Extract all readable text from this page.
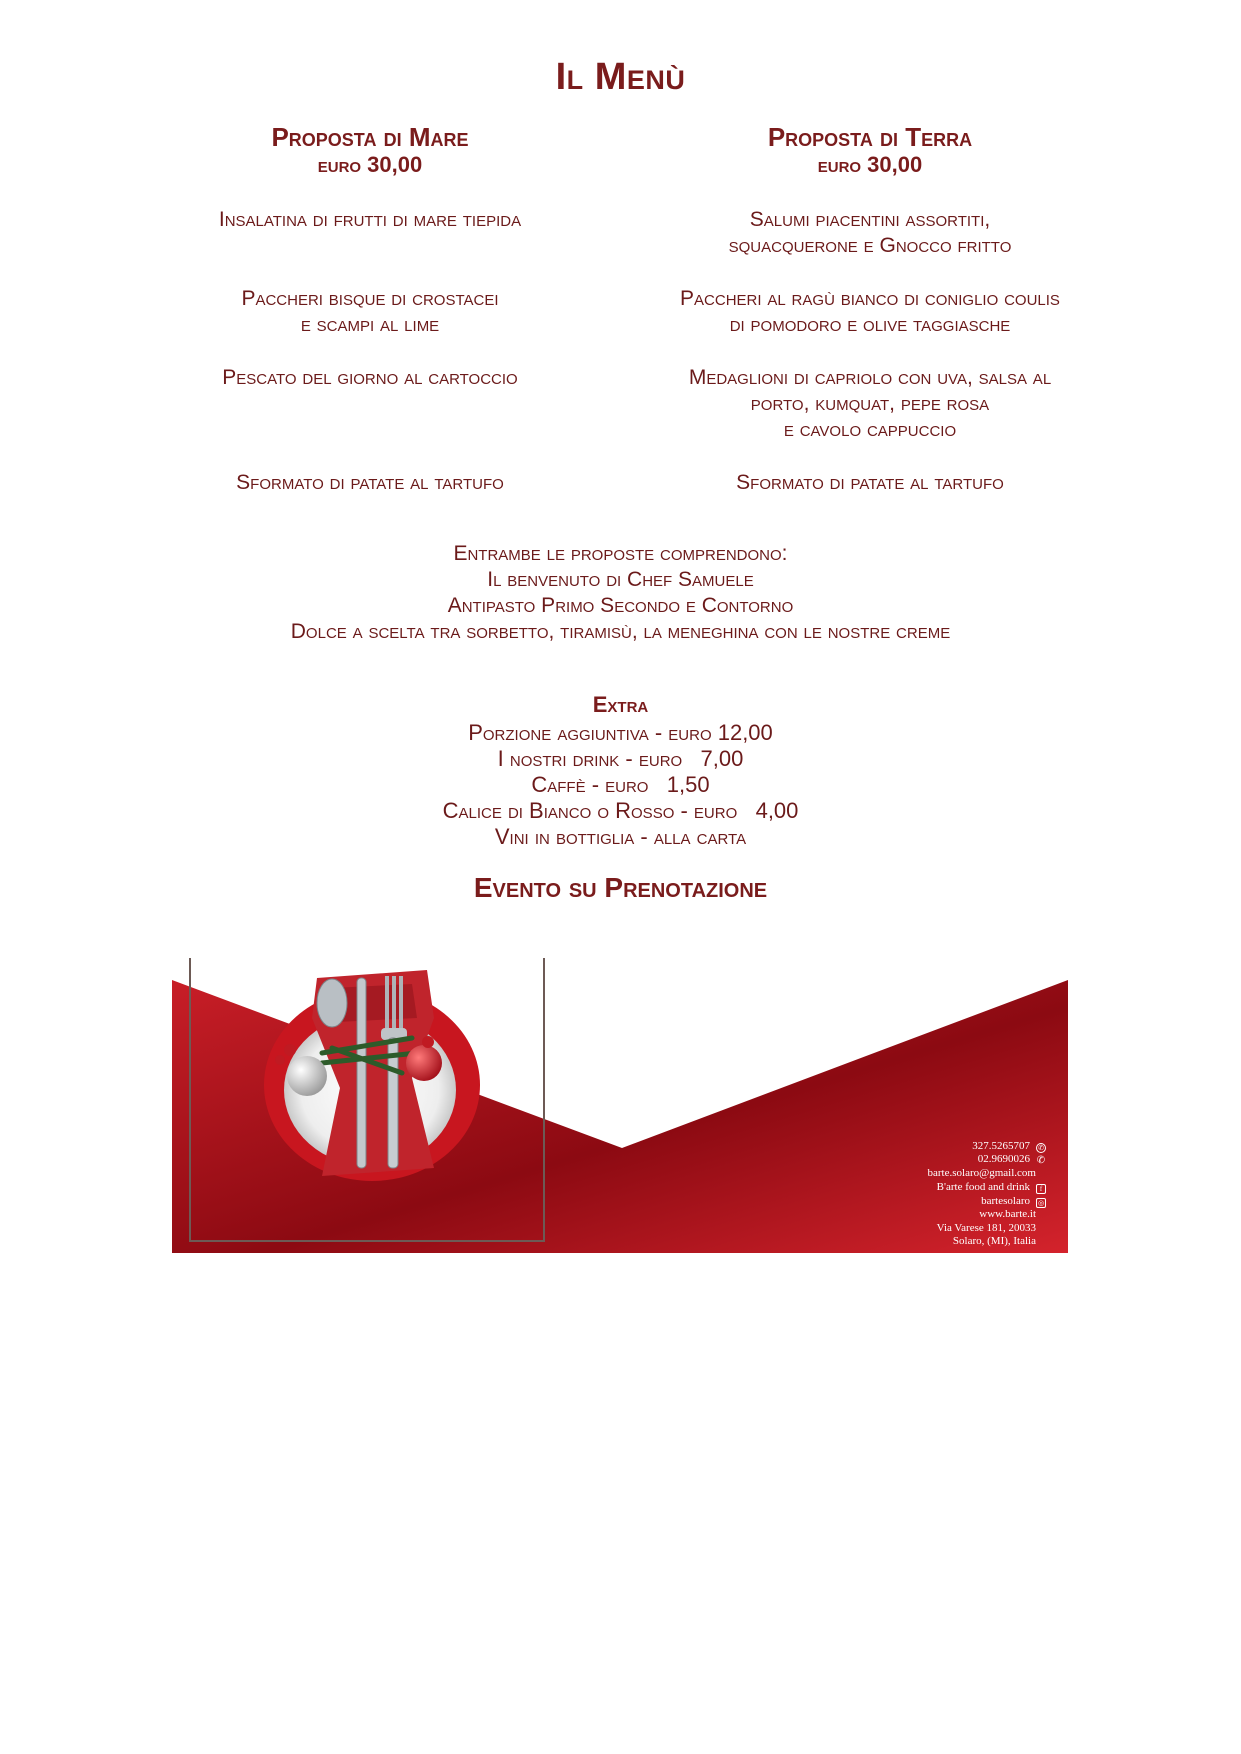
Il Menù
Proposta di Mare
euro 30,00
Insalatina di frutti di mare tiepida
Paccheri bisque di crostacei
e scampi al lime
Pescato del giorno al cartoccio
Sformato di patate al tartufo
Proposta di Terra
euro 30,00
Salumi piacentini assortiti,
squacquerone e Gnocco fritto
Paccheri al ragù bianco di coniglio coulis
di pomodoro e olive taggiasche
Medaglioni di capriolo con uva, salsa al
porto, kumquat, pepe rosa
e cavolo cappuccio
Sformato di patate al tartufo
Entrambe le proposte comprendono:
Il benvenuto di Chef Samuele
Antipasto Primo Secondo e Contorno
Dolce a scelta tra sorbetto, tiramisù, la meneghina con le nostre creme
Extra
Porzione aggiuntiva - euro 12,00
I nostri drink - euro   7,00
Caffè - euro   1,50
Calice di Bianco o Rosso - euro   4,00
Vini in bottiglia - alla carta
Evento su Prenotazione
327.5265707 ✆
02.9690026 ✆
barte.solaro@gmail.com
B'arte food and drink f
bartesolaro ◎
www.barte.it
Via Varese 181, 20033
Solaro, (MI), Italia
